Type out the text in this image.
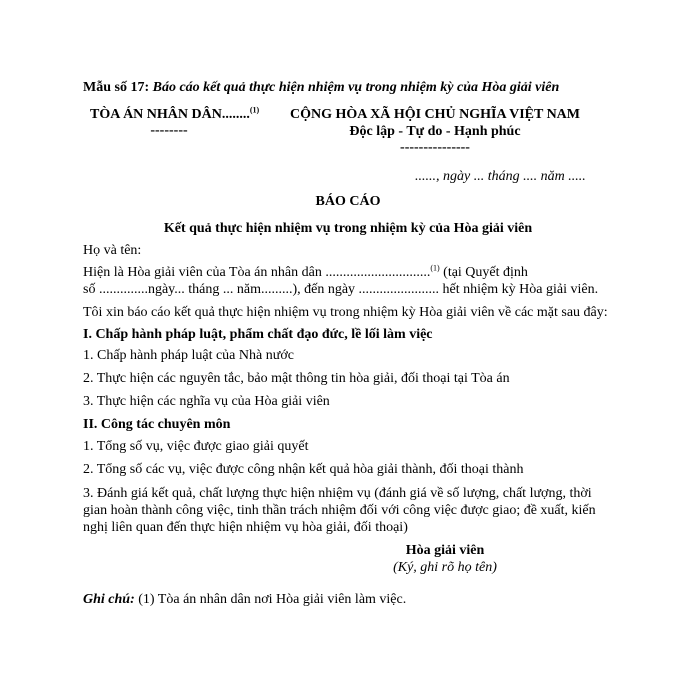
Mẫu số 17: Báo cáo kết quả thực hiện nhiệm vụ trong nhiệm kỳ của Hòa giải viên
TÒA ÁN NHÂN DÂN........$^{(1)}$
--------
CỘNG HÒA XÃ HỘI CHỦ NGHĨA VIỆT NAM
Độc lập - Tự do - Hạnh phúc
---------------
......, ngày ... tháng .... năm .....
BÁO CÁO
Kết quả thực hiện nhiệm vụ trong nhiệm kỳ của Hòa giải viên
Họ và tên:
Hiện là Hòa giải viên của Tòa án nhân dân ..............................$^{(1)}$ (tại Quyết định
số ..............ngày... tháng ... năm.........), đến ngày ....................... hết nhiệm kỳ Hòa giải viên.
Tôi xin báo cáo kết quả thực hiện nhiệm vụ trong nhiệm kỳ Hòa giải viên về các mặt sau đây:
I. Chấp hành pháp luật, phẩm chất đạo đức, lề lối làm việc
1. Chấp hành pháp luật của Nhà nước
2. Thực hiện các nguyên tắc, bảo mật thông tin hòa giải, đối thoại tại Tòa án
3. Thực hiện các nghĩa vụ của Hòa giải viên
II. Công tác chuyên môn
1. Tổng số vụ, việc được giao giải quyết
2. Tổng số các vụ, việc được công nhận kết quả hòa giải thành, đối thoại thành
3. Đánh giá kết quả, chất lượng thực hiện nhiệm vụ (đánh giá về số lượng, chất lượng, thời gian hoàn thành công việc, tinh thần trách nhiệm đối với công việc được giao; đề xuất, kiến nghị liên quan đến thực hiện nhiệm vụ hòa giải, đối thoại)
Hòa giải viên
(Ký, ghi rõ họ tên)
Ghi chú: (1) Tòa án nhân dân nơi Hòa giải viên làm việc.
